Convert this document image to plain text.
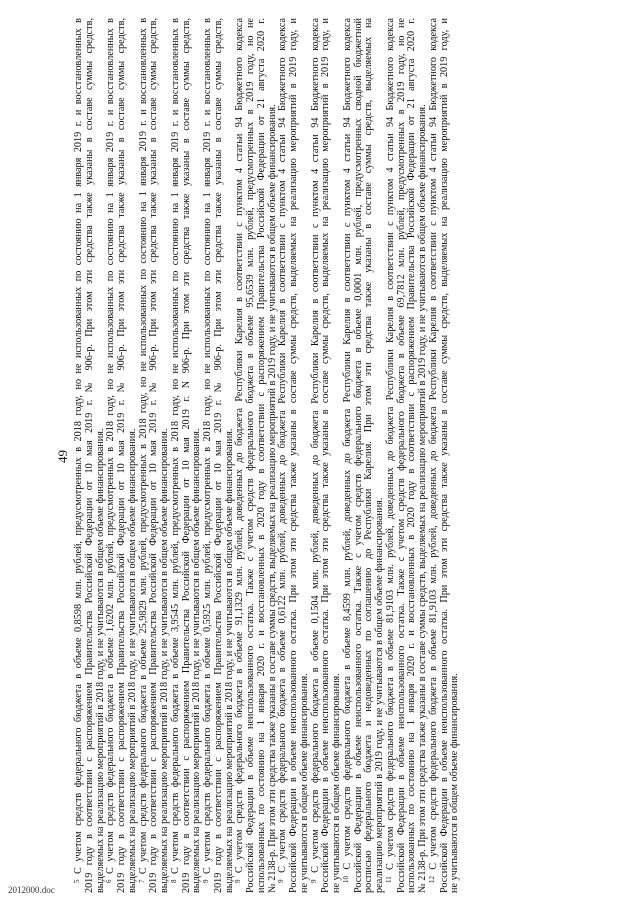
49
$^5$ С учетом средств федерального бюджета в объеме 0,8598 млн. рублей, предусмотренных в 2018 году, но не использованных по состоянию на 1 января 2019 г. и восстановленных в 2019 году в соответствии с распоряжением Правительства Российской Федерации от 10 мая 2019 г. № 906-р. При этом эти средства также указаны в составе суммы средств, выделяемых на реализацию мероприятий в 2018 году, и не учитываются в общем объеме финансирования. $^6$ С учетом средств федерального бюджета в объеме 1,6202 млн. рублей, предусмотренных в 2018 году, но не использованных по состоянию на 1 января 2019 г. и восстановленных в 2019 году в соответствии с распоряжением Правительства Российской Федерации от 10 мая 2019 г. № 906-р. При этом эти средства также указаны в составе суммы средств, выделяемых на реализацию мероприятий в 2018 году, и не учитываются в общем объеме финансирования. $^7$ С учетом средств федерального бюджета в объеме 25,9829 млн. рублей, предусмотренных в 2018 году, но не использованных по состоянию на 1 января 2019 г. и восстановленных в 2019 году в соответствии с распоряжением Правительства Российской Федерации от 10 мая 2019 г. № 906-р. При этом эти средства также указаны в составе суммы средств, выделяемых на реализацию мероприятий в 2018 году, и не учитываются в общем объеме финансирования. $^8$ С учетом средств федерального бюджета в объеме 3,9545 млн. рублей, предусмотренных в 2018 году, но не использованных по состоянию на 1 января 2019 г. и восстановленных в 2019 году в соответствии с распоряжением Правительства Российской Федерации от 10 мая 2019 г. N 906-р. При этом эти средства также указаны в составе суммы средств, выделяемых на реализацию мероприятий в 2018 году, и не учитываются в общем объеме финансирования. $^9$ С учетом средств федерального бюджета в объеме 0,5925 млн. рублей, предусмотренных в 2018 году, но не использованных по состоянию на 1 января 2019 г. и восстановленных в 2019 году в соответствии с распоряжением Правительства Российской Федерации от 10 мая 2019 г. № 906-р. При этом эти средства также указаны в составе суммы средств, выделяемых на реализацию мероприятий в 2018 году, и не учитываются в общем объеме финансирования. $^9$ С учетом средств федерального бюджета в объеме 91,1329 млн. рублей, доведенных до бюджета Республики Карелия в соответствии с пунктом 4 статьи 94 Бюджетного кодекса Российской Федерации в объеме неиспользованного остатка. Также с учетом средств федерального бюджета в объеме 95,6539 млн. рублей, предусмотренных в 2019 году, но не использованных по состоянию на 1 января 2020 г. и восстановленных в 2020 году в соответствии с распоряжением Правительства Российской Федерации от 21 августа 2020 г. № 2138-р. При этом эти средства также указаны в составе суммы средств, выделяемых на реализацию мероприятий в 2019 году, и не учитываются в общем объеме финансирования. $^9$ С учетом средств федерального бюджета в объеме 0,6122 млн. рублей, доведенных до бюджета Республики Карелия в соответствии с пунктом 4 статьи 94 Бюджетного кодекса Российской Федерации в объеме неиспользованного остатка. При этом эти средства также указаны в составе суммы средств, выделяемых на реализацию мероприятий в 2019 году, и не учитываются в общем объеме финансирования. $^9$ С учетом средств федерального бюджета в объеме 0,1504 млн. рублей, доведенных до бюджета Республики Карелия в соответствии с пунктом 4 статьи 94 Бюджетного кодекса Российской Федерации в объеме неиспользованного остатка. При этом эти средства также указаны в составе суммы средств, выделяемых на реализацию мероприятий в 2019 году, и не учитываются в общем объеме финансирования. $^{10}$ С учетом средств федерального бюджета в объеме 8,4599 млн. рублей, доведенных до бюджета Республики Карелия в соответствии с пунктом 4 статьи 94 Бюджетного кодекса Российской Федерации в объеме неиспользованного остатка. Также с учетом средств федерального бюджета в объеме 0,0001 млн. рублей, предусмотренных сводной бюджетной росписью федерального бюджета и недоведенных по соглашению до Республики Карелия. При этом эти средства также указаны в составе суммы средств, выделяемых на реализацию мероприятий в 2019 году, и не учитываются в общем объеме финансирования. $^{11}$ С учетом средств федерального бюджета в объеме 81,9103 млн. рублей, доведенных до бюджета Республики Карелия в соответствии с пунктом 4 статьи 94 Бюджетного кодекса Российской Федерации в объеме неиспользованного остатка. Также с учетом средств федерального бюджета в объеме 69,7812 млн. рублей, предусмотренных в 2019 году, но не использованных по состоянию на 1 января 2020 г. и восстановленных в 2020 году в соответствии с распоряжением Правительства Российской Федерации от 21 августа 2020 г. № 2138-р. При этом эти средства также указаны в составе суммы средств, выделяемых на реализацию мероприятий в 2019 году, и не учитываются в общем объеме финансирования. $^{12}$ С учетом средств федерального бюджета в объеме 81,9103 млн. рублей, доведенных до бюджета Республики Карелия в соответствии с пунктом 4 статьи 94 Бюджетного кодекса Российской Федерации в объеме неиспользованного остатка. При этом эти средства также указаны в составе суммы средств, выделяемых на реализацию мероприятий в 2019 году, и не учитываются в общем объеме финансирования.
2012000.doc
